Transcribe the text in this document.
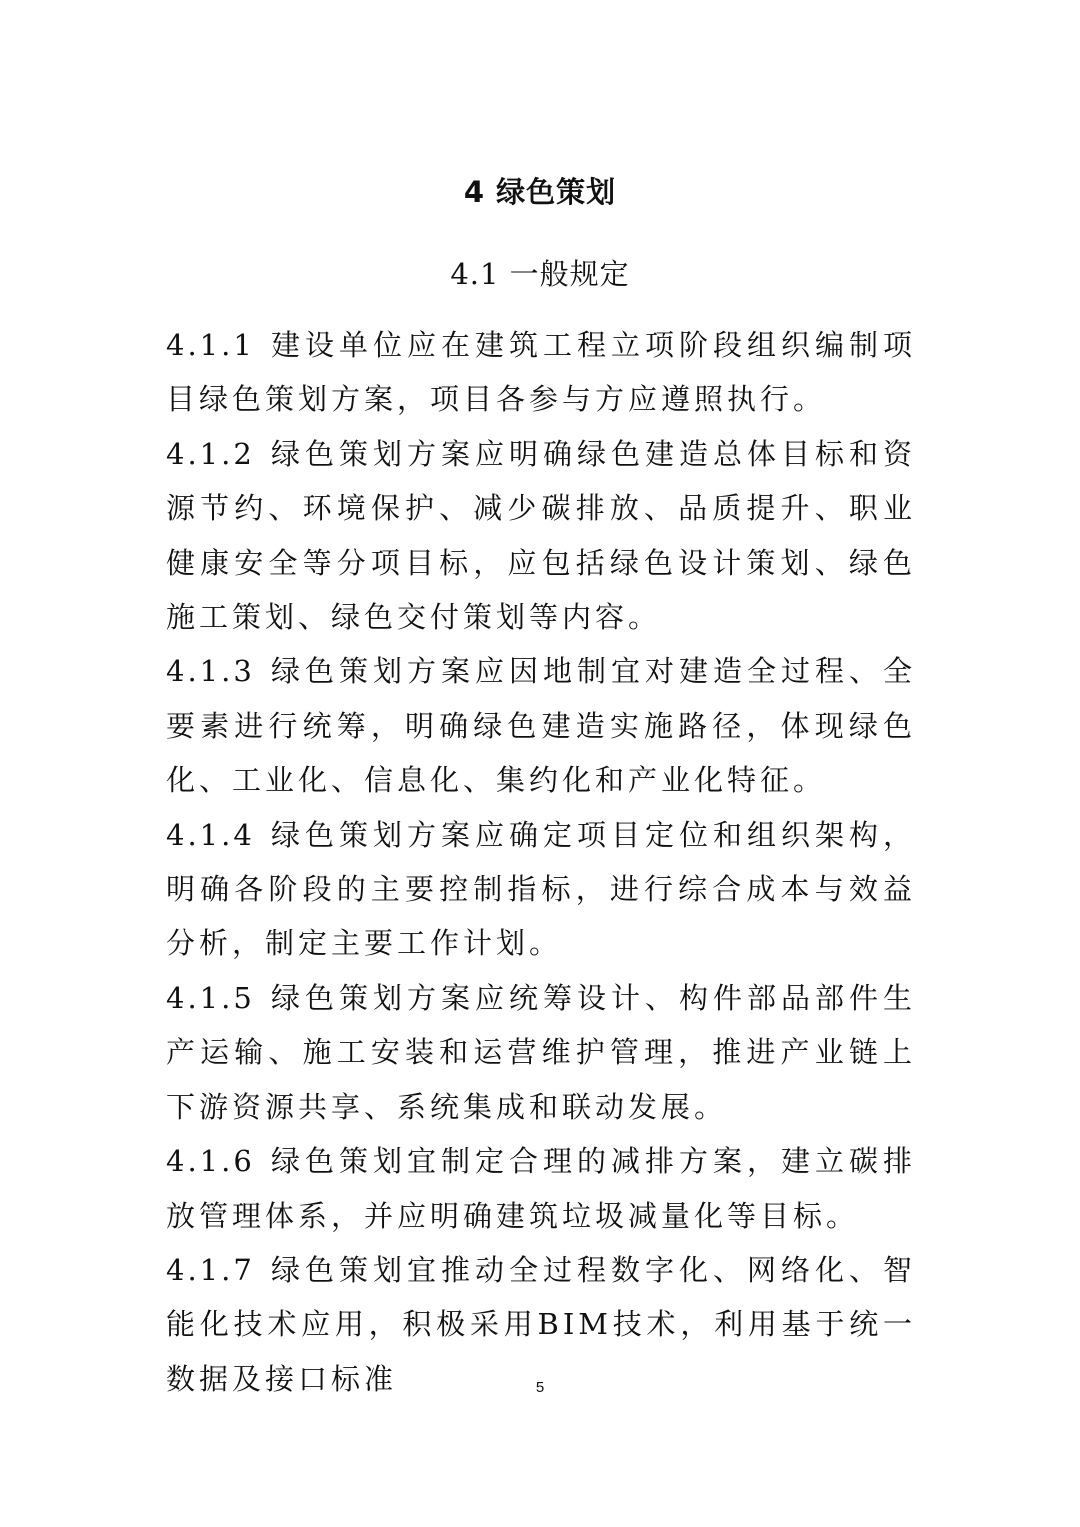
4 绿色策划
4.1 一般规定

4.1.1 建设单位应在建筑工程立项阶段组织编制项目绿色策划方案，项目各参与方应遵照执行。

4.1.2 绿色策划方案应明确绿色建造总体目标和资源节约、环境保护、减少碳排放、品质提升、职业健康安全等分项目标，应包括绿色设计策划、绿色施工策划、绿色交付策划等内容。

4.1.3 绿色策划方案应因地制宜对建造全过程、全要素进行统筹，明确绿色建造实施路径，体现绿色化、工业化、信息化、集约化和产业化特征。

4.1.4 绿色策划方案应确定项目定位和组织架构，明确各阶段的主要控制指标，进行综合成本与效益分析，制定主要工作计划。

4.1.5 绿色策划方案应统筹设计、构件部品部件生产运输、施工安装和运营维护管理，推进产业链上下游资源共享、系统集成和联动发展。

4.1.6 绿色策划宜制定合理的减排方案，建立碳排放管理体系，并应明确建筑垃圾减量化等目标。

4.1.7 绿色策划宜推动全过程数字化、网络化、智能化技术应用，积极采用BIM技术，利用基于统一数据及接口标准	5
